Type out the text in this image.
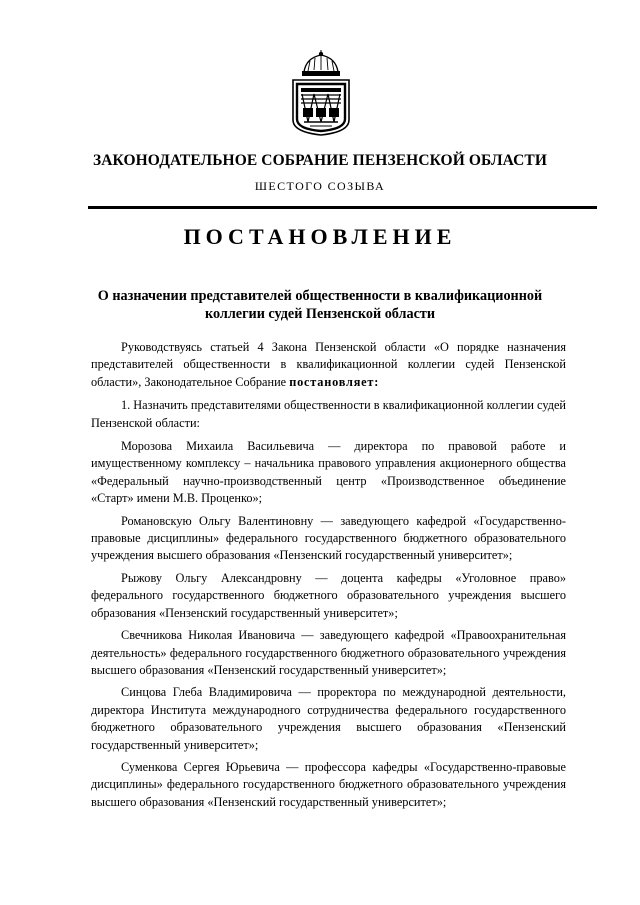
ЗАКОНОДАТЕЛЬНОЕ СОБРАНИЕ ПЕНЗЕНСКОЙ ОБЛАСТИ
ШЕСТОГО СОЗЫВА
ПОСТАНОВЛЕНИЕ
О назначении представителей общественности в квалификационной
коллегии судей Пензенской области

Руководствуясь статьей 4 Закона Пензенской области «О порядке назначения представителей общественности в квалификационной коллегии судей Пензенской области», Законодательное Собрание постановляет:

1. Назначить представителями общественности в квалификационной коллегии судей Пензенской области:

Морозова Михаила Васильевича — директора по правовой работе и имущественному комплексу – начальника правового управления акционерного общества «Федеральный научно-производственный центр «Производственное объединение «Старт» имени М.В. Проценко»;

Романовскую Ольгу Валентиновну — заведующего кафедрой «Государственно-правовые дисциплины» федерального государственного бюджетного образовательного учреждения высшего образования «Пензенский государственный университет»;

Рыжову Ольгу Александровну — доцента кафедры «Уголовное право» федерального государственного бюджетного образовательного учреждения высшего образования «Пензенский государственный университет»;

Свечникова Николая Ивановича — заведующего кафедрой «Правоохранительная деятельность» федерального государственного бюджетного образовательного учреждения высшего образования «Пензенский государственный университет»;

Синцова Глеба Владимировича — проректора по международной деятельности, директора Института международного сотрудничества федерального государственного бюджетного образовательного учреждения высшего образования «Пензенский государственный университет»;

Суменкова Сергея Юрьевича — профессора кафедры «Государственно-правовые дисциплины» федерального государственного бюджетного образовательного учреждения высшего образования «Пензенский государственный университет»;
